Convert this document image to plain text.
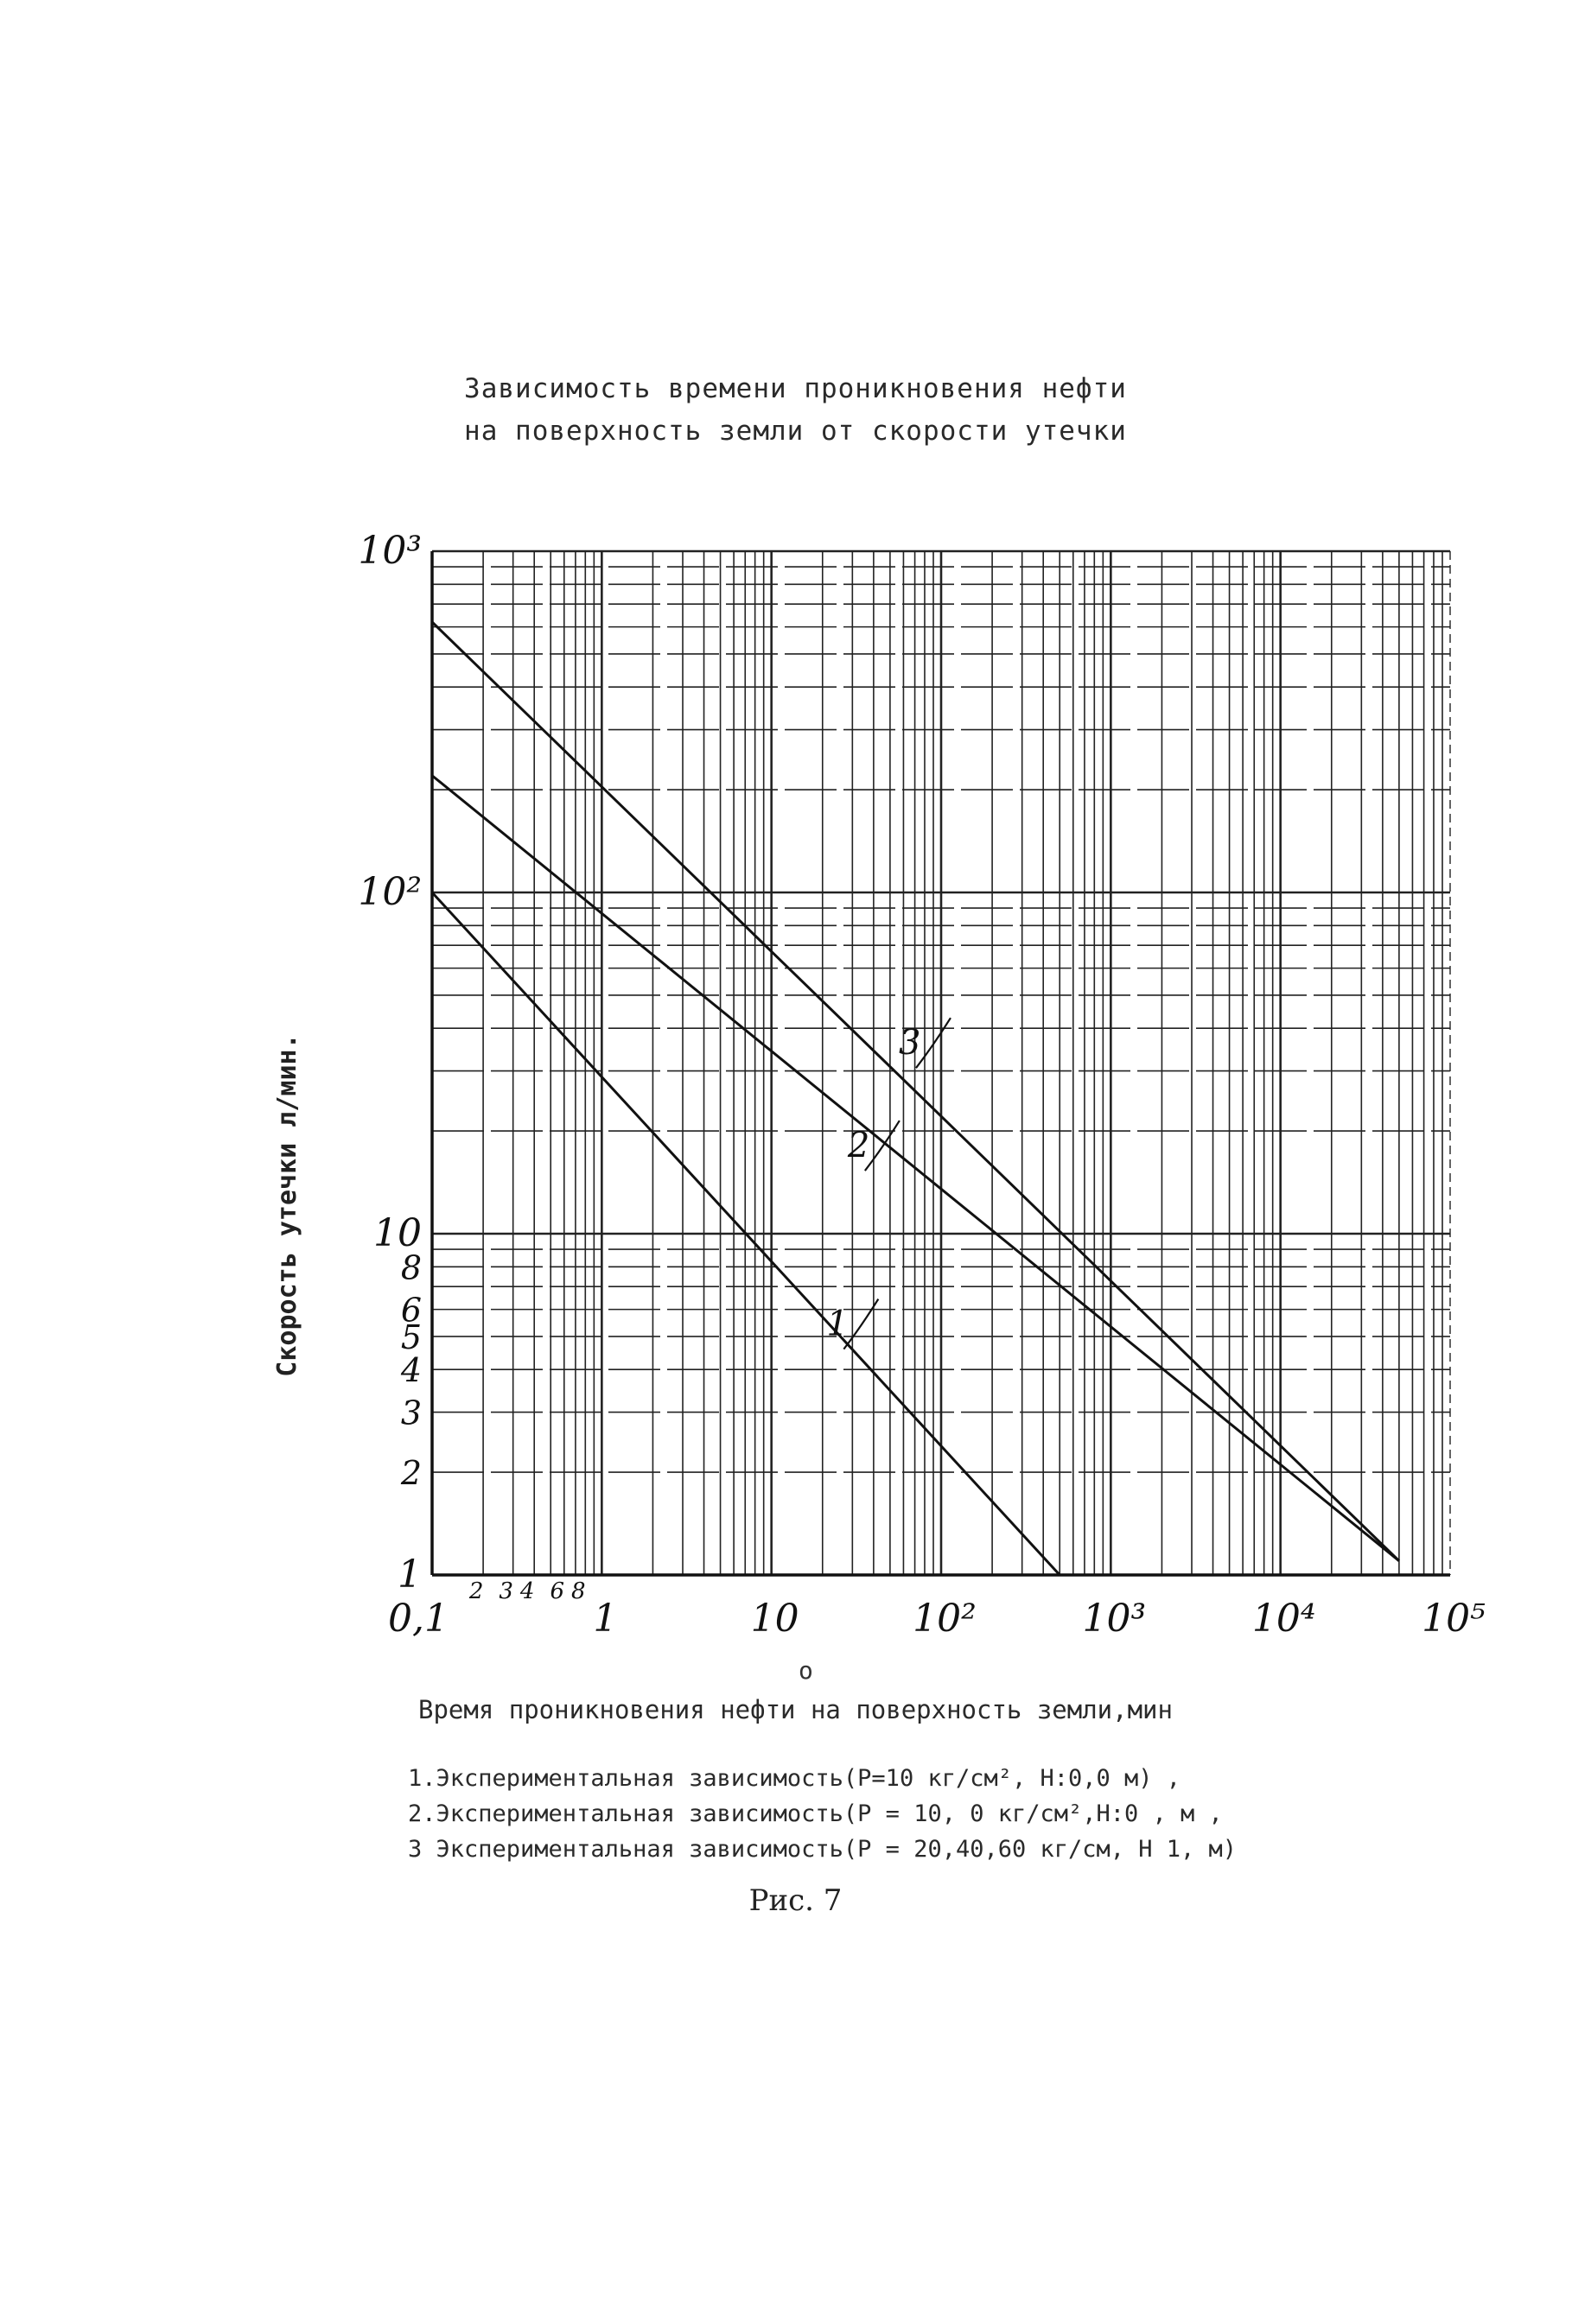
Зависимость времени проникновения нефти
на поверхность земли от скорости утечки
0,1
2 3 4 6 8
1	10	10²	10³	10⁴	10⁵
1
2
3
4
5
6
8
10
10²
10³
1
2
3
Скорость утечки л/мин.
о
Время проникновения нефти на поверхность земли,мин
1.Экспериментальная зависимость(Р=10 кг/см², Н:0,0 м) ,
2.Экспериментальная зависимость(Р = 10, 0 кг/см²,Н:0 , м ,
3 Экспериментальная зависимость(Р = 20,40,60 кг/см, Н 1, м)
Рис. 7
